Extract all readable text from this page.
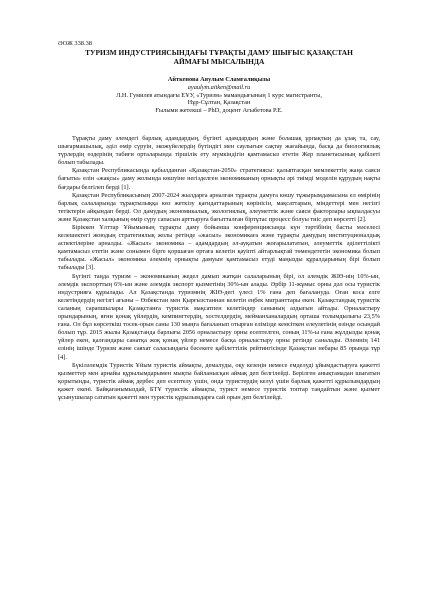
ӘОЖ 338.38

ТУРИЗМ ИНДУСТРИЯСЫНДАҒЫ ТҰРАҚТЫ ДАМУ ШЫҒЫС ҚАЗАҚСТАН
АЙМАҒЫ МЫСАЛЫНДА

Айткенова Аяулым Сламғалиқызы

ayaulym.aitken@mail.ru

Л.Н. Гумилев атындағы ЕҰУ, «Туризм» мамандығының 1 курс магистранты,

Нұр-Сұлтан, Қазақстан

Ғылыми жетекші – PhD, доцент Агыбетова Р.Е.

Тұрақты даму әлемдегі барлық адамдардың, бүгінгі адамдардың және болашақ ұрпақтың да ұзақ та, сау, шығармашылық, әділ өмір сүруін, экожүйелердің бүтіндігі мен саулығын сақтау жағайында, басқа да биологиялық түрлердің өздерінің табиғи орталарында тіршілік ету мүмкіндігін қамтамасыз ететін Жер планетасының қабілеті болып табылады.

Қазақстан Республикасында қабылданған «Қазақстан-2050» стратегиясы: қалыптасқан мемлекеттің жаңа саяси бағыты» елін «жақсы» даму жолында көшуіне негізделген экономиканың орнықты әрі тиімді моделін құрудың нақты бағдары белгілеп берді [1].

Қазақстан Республикасының 2007-2024 жылдарға арналған тұрақты дамуға көшу тұжырымдамасына ел өмірінің барлық салаларында тұрақтылыққа көз жеткізу қағидаттарының көрінісін, мақсаттарын, міндеттері мен негізгі тетіктерін айқындап берді. Ол дамудың экономикалық, экологиялық, әлеуметтік және саяси факторлары ықпалдасуы және Қазақстан халқының өмір сүру сапасын арттыруға бағытталған біртұтас процесс болуы тиіс деп көрсетті [2].

Біріккен Ұлттар Ұйымының тұрақты даму бойынша конференциясында күн тәртібінің басты мәселесі келешектегі жоюдың стратегиялық жолы ретінде «жасыл» экономикаға және тұрақты дамудың институционалдық аспектілеріне арналды. «Жасыл» экономика – адамдардың әл-ауқатын жоғарылататын, әлеуметтік әділеттілікті қамтамасыз ететін және сонымен бірге қоршаған ортаға келетін қауіпті айтарлықтай төмендететін экономика болып табылады. «Жасыл» экономика әлемнің орнықты дамуын қамтамасыз етуді маңызды құралдарының бірі болып табылады [3].

Бүгінгі таңда туризм – экономиканың жедел дамып жатқан салаларының бірі, ол әлемдік ЖІӨ-нің 10%-ын, әлемдік экспорттың 6%-ын және әлемдік экспорт қызметінің 30%-ын алады. Әрбір 11-жұмыс орны дәл осы туристік индустрияға құрылады. Ал Қазақстанда туризмнің ЖІӨ-дегі үлесі 1% ғана деп бағалануда. Оған коса елге келетіндердің негізгі ағыны – Өзбекстан мен Қырғызстаннан келетін еңбек мигранттары екен. Қазақстандық туристік саланың сарапшылары Қазақстанға туристік мақсатпен келетіндер санының аздығын айтады. Орналастыру орындарының, яғни қонақ үйлердің, кемпингтердің, хостелдердің, мейманханалардың орташа толымдылығы 23,5% ғана. Ол бұл көрсеткіш тосек-орын саны 130 мыңға бағаланып отырған елімізде кемсіткен елеулетінің өзінде осындай болып тұр. 2015 жылы Қазақстанда барлығы 2056 орналастыру орны есептелген, соның 11%-ы ғана жұлдызды қонақ үйлер екен, қалғандары санатқа жоқ қонақ үйлер немесе басқа орналастыру орны ретінде саналады. Әлемнің 141 елінің ішінде Туризм және саяхат саласындағы бәсекеге қабілеттілік рейтингісінде Қазақстан небары 85 орында тұр [4].

Бүкіләлемдік Туристік Ұйым туристік аймақты, демалуды, оқу кезеңін немесе емделуді ұйымдастыруға қажетті қызметтер мен арнайы құрылымдарымен мықты байланысқан аймақ деп белгілейді. Берілген анықтамадан шығатын қорытынды, туристік аймақ дербес деп есептелу үшін, онда туристердің келуі үшін барлық қажетті құрылымдардың қажет екені. Байқағанымыздай, БТҰ туристік аймақты, турист немесе туристік топтар таңдайтын және қызмет ұсынушылар сататын қажетті мен туристік құрылымдарға сай орын деп белгілейді.
